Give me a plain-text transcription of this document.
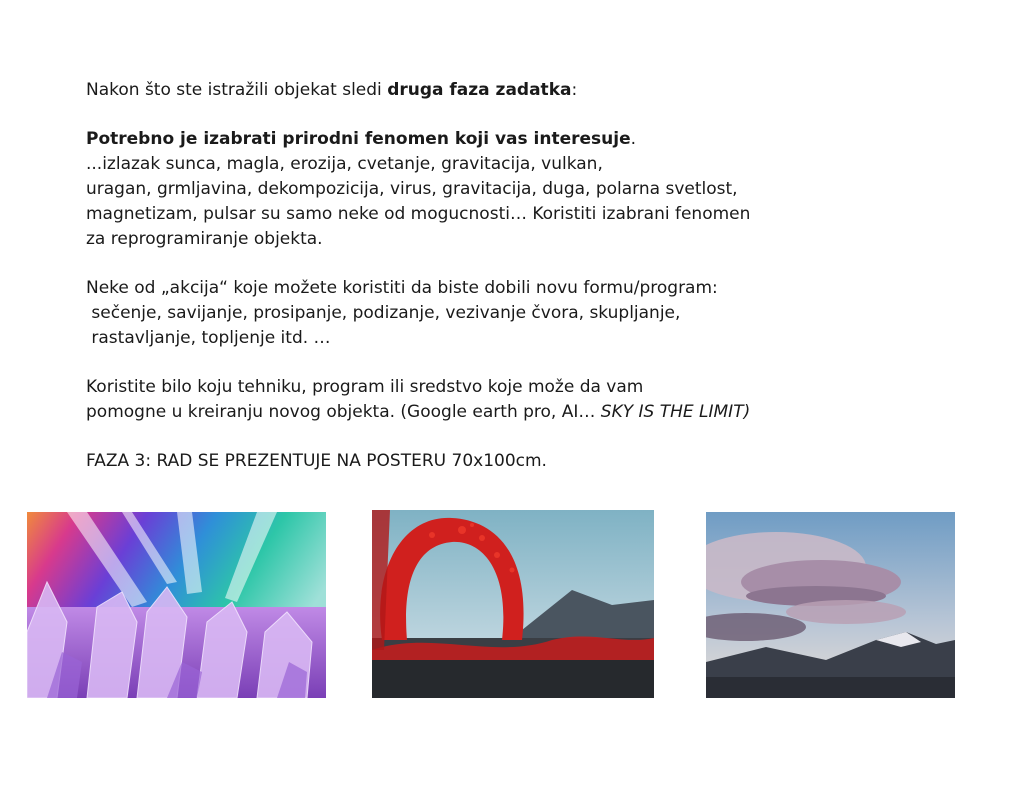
Nakon što ste istražili objekat sledi druga faza zadatka:
Potrebno je izabrati prirodni fenomen koji vas interesuje.
...izlazak sunca, magla, erozija, cvetanje, gravitacija, vulkan,
uragan, grmljavina, dekompozicija, virus, gravitacija, duga, polarna svetlost,
magnetizam, pulsar su samo neke od mogucnosti… Koristiti izabrani fenomen
za reprogramiranje objekta.
Neke od „akcija“ koje možete koristiti da biste dobili novu formu/program:
sečenje, savijanje, prosipanje, podizanje, vezivanje čvora, skupljanje,
rastavljanje, topljenje itd. …
Koristite bilo koju tehniku, program ili sredstvo koje može da vam
pomogne u kreiranju novog objekta. (Google earth pro, AI… SKY IS THE LIMIT)
FAZA 3: RAD SE PREZENTUJE NA POSTERU 70x100cm.
